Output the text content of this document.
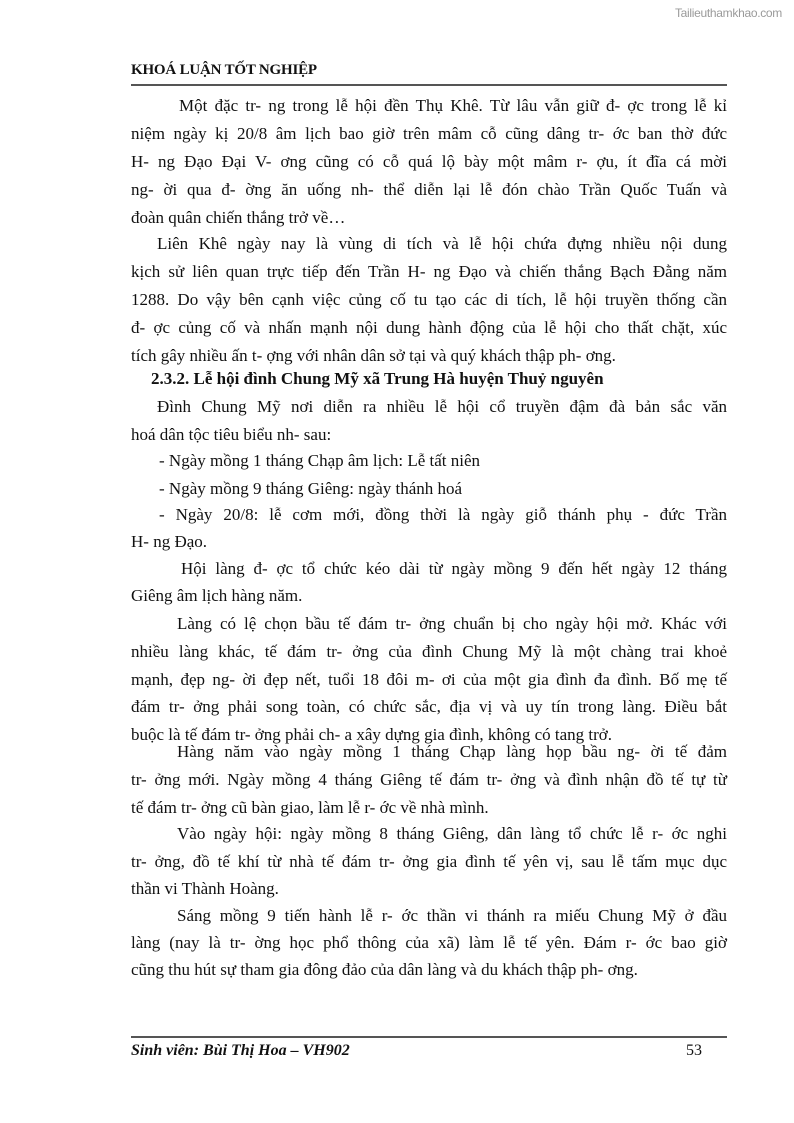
Tailieuthamkhao.com
KHOÁ LUẬN TỐT NGHIỆP
Một đặc tr- ng trong lễ hội đền Thụ Khê. Từ lâu vẫn giữ đ- ợc trong lễ kỉ
niệm ngày kị 20/8 âm lịch bao giờ trên mâm cỗ cũng dâng tr- ớc ban thờ đức
H- ng Đạo Đại V- ơng cũng có cỗ quá lộ bày một mâm r- ợu, ít đĩa cá mời
ng- ời qua đ- ờng ăn uống nh- thể diễn lại lễ đón chào Trần Quốc Tuấn và
đoàn quân chiến thắng trở về…
Liên Khê ngày nay là vùng di tích và lễ hội chứa đựng nhiều nội dung
kịch sử liên quan trực tiếp đến Trần H- ng Đạo và chiến thắng Bạch Đằng năm
1288. Do vậy bên cạnh việc củng cố tu tạo các di tích, lễ hội truyền thống cần
đ- ợc củng cố và nhấn mạnh nội dung hành động của lễ hội cho thất chặt, xúc
tích gây nhiều ấn t- ợng với nhân dân sở tại và quý khách thập ph- ơng.
2.3.2. Lễ hội đình Chung Mỹ xã Trung Hà huyện Thuỷ nguyên
Đình Chung Mỹ nơi diễn ra nhiều lễ hội cổ truyền đậm đà bản sắc văn
hoá dân tộc tiêu biểu nh- sau:
- Ngày mồng 1 tháng Chạp âm lịch: Lễ tất niên
- Ngày mồng 9 tháng Giêng: ngày thánh hoá
- Ngày 20/8: lễ cơm mới, đồng thời là ngày giỗ thánh phụ - đức Trần
H- ng Đạo.
Hội làng đ- ợc tổ chức kéo dài từ ngày mồng 9 đến hết ngày 12 tháng
Giêng âm lịch hàng năm.
Làng có lệ chọn bầu tế đám tr- ởng chuẩn bị cho ngày hội mở. Khác với
nhiều làng khác, tế đám tr- ởng của đình Chung Mỹ là một chàng trai khoẻ
mạnh, đẹp ng- ời đẹp nết, tuổi 18 đôi m- ơi của một gia đình đa đình. Bố mẹ tế
đám tr- ởng phải song toàn, có chức sắc, địa vị và uy tín trong làng. Điều bắt
buộc là tế đám tr- ởng phải ch- a xây dựng gia đình, không có tang trở.
Hàng năm vào ngày mồng 1 tháng Chạp làng họp bầu ng- ời tế đảm
tr- ởng mới. Ngày mồng 4 tháng Giêng tế đám tr- ởng và đình nhận đồ tế tự từ
tế đám tr- ởng cũ bàn giao, làm lễ r- ớc về nhà mình.
Vào ngày hội: ngày mồng 8 tháng Giêng, dân làng tổ chức lễ r- ớc nghi
tr- ởng, đồ tế khí từ nhà tế đám tr- ởng gia đình tế yên vị, sau lễ tấm mục dục
thần vi Thành Hoàng.
Sáng mồng 9 tiến hành lễ r- ớc thần vi thánh ra miếu Chung Mỹ ở đầu
làng (nay là tr- ờng học phổ thông của xã) làm lễ tế yên. Đám r- ớc bao giờ
cũng thu hút sự tham gia đông đảo của dân làng và du khách thập ph- ơng.
Sinh viên: Bùi Thị Hoa – VH902	53
